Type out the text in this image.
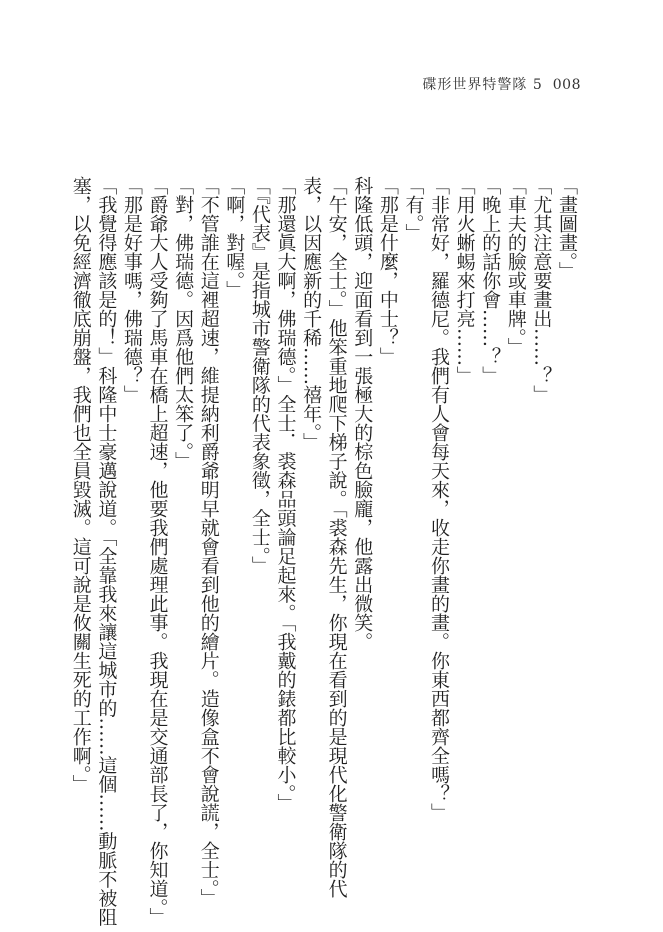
碟形世界特警隊 5 008
「畫圖畫。」
「尤其注意要畫出……？」
「車夫的臉或車牌。」
「晚上的話你會……？」
「用火蜥蜴來打亮……」
「非常好，羅德尼。我們有人會每天來，收走你畫的畫。你東西都齊全嗎？」
「有。」
「那是什麼，中士？」
科隆低頭，迎面看到一張極大的棕色臉龐，他露出微笑。
「午安，全士。」他笨重地爬下梯子說。「裘森先生，你現在看到的是現代化警衛隊的代
表，以因應新的千稀……禧年。」
「那還眞大啊，佛瑞德。」全士．裘森品頭論足起來。「我戴的錶都比較小。」
「『代表』是指城市警衛隊的代表象徵，全士。」
「啊，對喔。」
「不管誰在這裡超速，維提納利爵爺明早就會看到他的繪片。造像盒不會說謊，全士。」
「對，佛瑞德。因爲他們太笨了。」
「爵爺大人受夠了馬車在橋上超速，他要我們處理此事。我現在是交通部長了，你知道。」
「那是好事嗎，佛瑞德？」
「我覺得應該是的！」科隆中士豪邁說道。「全靠我來讓這城市的……這個……動脈不被阻
塞，以免經濟徹底崩盤，我們也全員毀滅。這可說是攸關生死的工作啊。」
